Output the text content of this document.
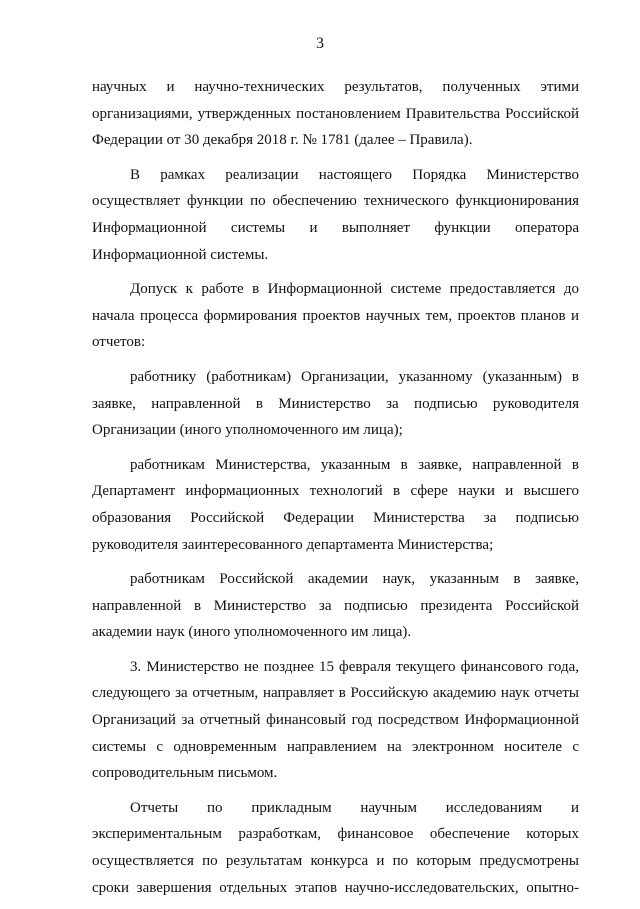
3

научных и научно-технических результатов, полученных этими организациями, утвержденных постановлением Правительства Российской Федерации от 30 декабря 2018 г. № 1781 (далее – Правила).

В рамках реализации настоящего Порядка Министерство осуществляет функции по обеспечению технического функционирования Информационной системы и выполняет функции оператора Информационной системы.

Допуск к работе в Информационной системе предоставляется до начала процесса формирования проектов научных тем, проектов планов и отчетов:

работнику (работникам) Организации, указанному (указанным) в заявке, направленной в Министерство за подписью руководителя Организации (иного уполномоченного им лица);

работникам Министерства, указанным в заявке, направленной в Департамент информационных технологий в сфере науки и высшего образования Российской Федерации Министерства за подписью руководителя заинтересованного департамента Министерства;

работникам Российской академии наук, указанным в заявке, направленной в Министерство за подписью президента Российской академии наук (иного уполномоченного им лица).

3. Министерство не позднее 15 февраля текущего финансового года, следующего за отчетным, направляет в Российскую академию наук отчеты Организаций за отчетный финансовый год посредством Информационной системы с одновременным направлением на электронном носителе с сопроводительным письмом.

Отчеты по прикладным научным исследованиям и экспериментальным разработкам, финансовое обеспечение которых осуществляется по результатам конкурса и по которым предусмотрены сроки завершения отдельных этапов научно-исследовательских, опытно-
